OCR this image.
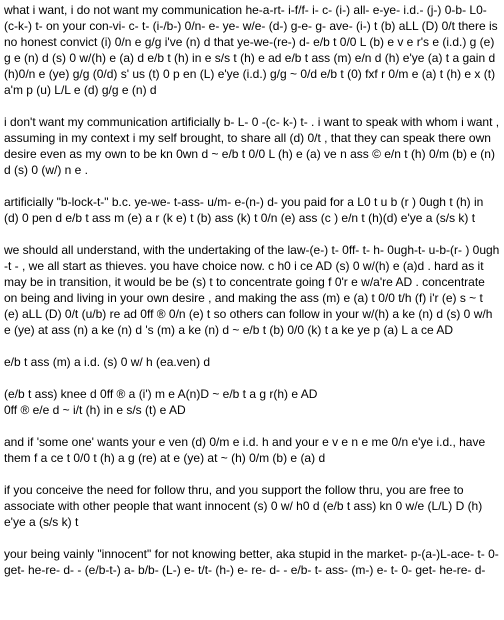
what i want, i do not want my communication he-a-rt- i-f/f- i- c- (i-) all- e-ye- i.d.- (j-) 0-b- L0-(c-k-) t- on your con-vi- c- t- (i-/b-) 0/n- e- ye- w/e- (d-) g-e- g- ave- (i-) t (b) aLL (D) 0/t there is no honest convict (i) 0/n e g/g i've (n) d that ye-we-(re-) d- e/b t 0/0 L (b) e v e r's e (i.d.) g (e) g e (n) d (s) 0 w/(h) e (a) d e/b t (h) in e s/s t (h) e ad e/b t ass (m) e/n d (h) e'ye (a) t a gain d (h)0/n e (ye) g/g (0/d) s' us (t) 0 p en (L) e'ye (i.d.) g/g ~ 0/d e/b t (0) fxf r 0/m e (a) t (h) e x (t) a'm p (u) L/L e (d) g/g e (n) d

i don't want my communication artificially b- L- 0 -(c- k-) t- . i want to speak with whom i want , assuming in my context i my self brought, to share all (d) 0/t , that they can speak there own desire even as my own to be kn 0wn d ~ e/b t 0/0 L (h) e (a) ve n ass © e/n t (h) 0/m (b) e (n) d (s) 0 (w/) n e .

artificially "b-lock-t-" b.c. ye-we- t-ass- u/m- e-(n-) d- you paid for a L0 t u b (r ) 0ugh t (h) in (d) 0 pen d e/b t ass m (e) a r (k e) t (b) ass (k) t 0/n (e) ass (c ) e/n t (h)(d) e'ye a (s/s k) t

we should all understand, with the undertaking of the law-(e-) t- 0ff- t- h- 0ugh-t- u-b-(r- ) 0ugh -t - , we all start as thieves. you have choice now. c h0 i ce AD (s) 0 w/(h) e (a)d . hard as it may be in transition, it would be be (s) t to concentrate going f 0'r e w/a're AD . concentrate on being and living in your own desire , and making the ass (m) e (a) t 0/0 t/h (f) i'r (e) s ~ t (e) aLL (D) 0/t (u/b) re ad 0ff ® 0/n (e) t so others can follow in your w/(h) a ke (n) d (s) 0 w/h e (ye) at ass (n) a ke (n) d 's (m) a ke (n) d ~ e/b t (b) 0/0 (k) t a ke ye p (a) L a ce AD

e/b t ass (m) a i.d. (s) 0 w/ h (ea.ven) d

(e/b t ass) knee d 0ff ® a (i') m e A(n)D ~ e/b t a g r(h) e AD
0ff ® e/e d ~ i/t (h) in e s/s (t) e AD

and if 'some one' wants your e ven (d) 0/m e i.d. h and your e v e n e me 0/n e'ye i.d., have them f a ce t 0/0 t (h) a g (re) at e (ye) at ~ (h) 0/m (b) e (a) d

if you conceive the need for follow thru, and you support the follow thru, you are free to associate with other people that want innocent (s) 0 w/ h0 d (e/b t ass) kn 0 w/e (L/L) D (h) e'ye a (s/s k) t

your being vainly "innocent" for not knowing better, aka stupid in the market- p-(a-)L-ace- t- 0- get- he-re- d- - (e/b-t-) a- b/b- (L-) e- t/t- (h-) e- re- d- - e/b- t- ass- (m-) e- t- 0- get- he-re- d-
